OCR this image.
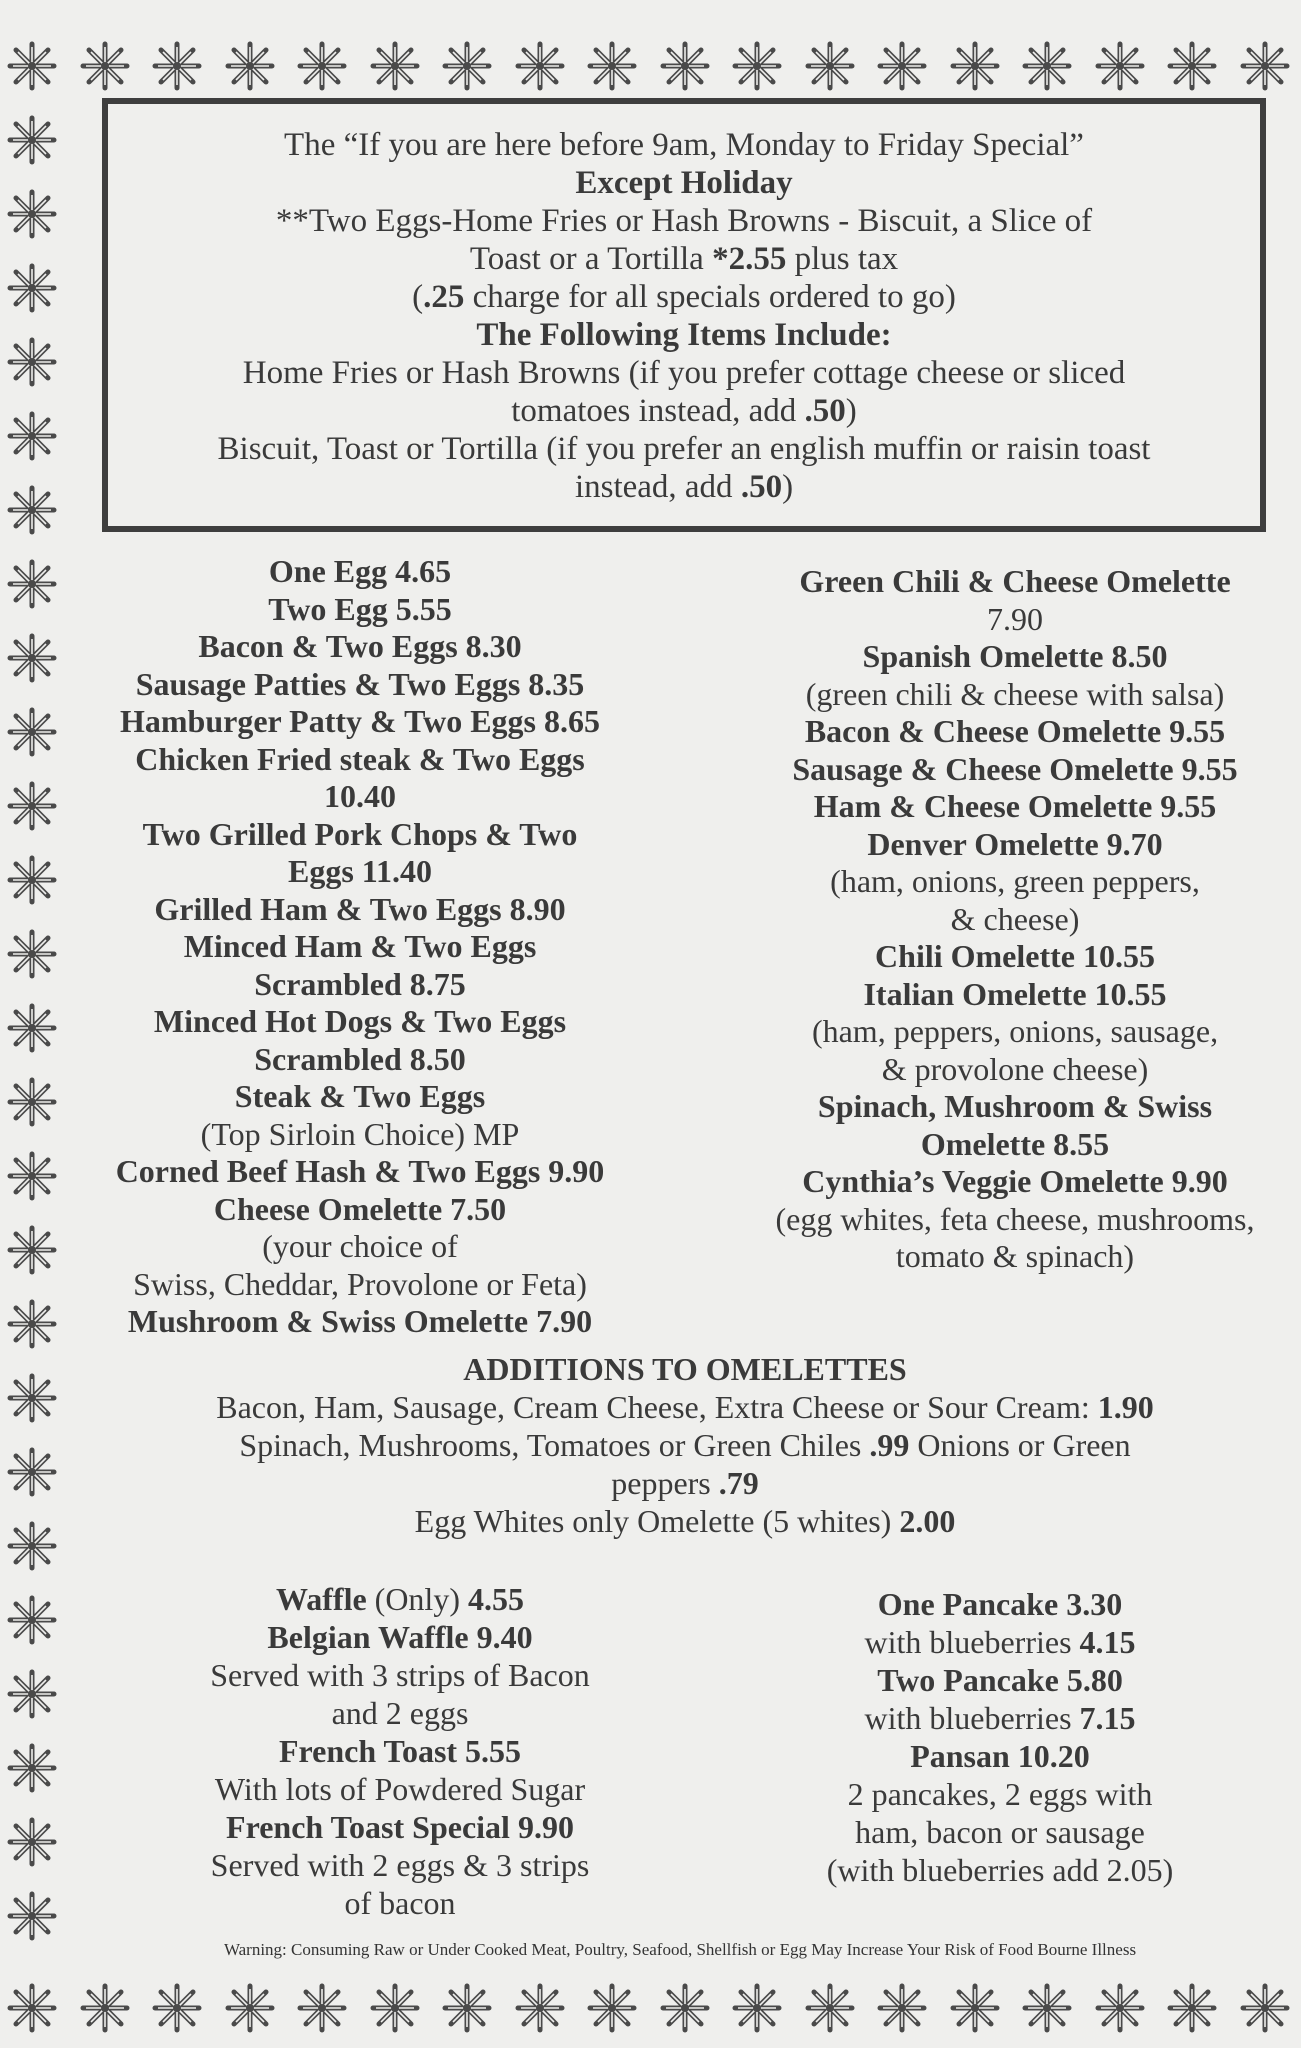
The “If you are here before 9am, Monday to Friday Special”
Except Holiday
**Two Eggs-Home Fries or Hash Browns - Biscuit, a Slice of
Toast or a Tortilla *2.55 plus tax
(.25 charge for all specials ordered to go)
The Following Items Include:
Home Fries or Hash Browns (if you prefer cottage cheese or sliced
tomatoes instead, add .50)
Biscuit, Toast or Tortilla (if you prefer an english muffin or raisin toast
instead, add .50)
One Egg 4.65
Two Egg 5.55
Bacon & Two Eggs 8.30
Sausage Patties & Two Eggs 8.35
Hamburger Patty & Two Eggs 8.65
Chicken Fried steak & Two Eggs
10.40
Two Grilled Pork Chops & Two
Eggs 11.40
Grilled Ham & Two Eggs 8.90
Minced Ham & Two Eggs
Scrambled 8.75
Minced Hot Dogs & Two Eggs
Scrambled 8.50
Steak & Two Eggs
(Top Sirloin Choice) MP
Corned Beef Hash & Two Eggs 9.90
Cheese Omelette 7.50
(your choice of
Swiss, Cheddar, Provolone or Feta)
Mushroom & Swiss Omelette 7.90
Green Chili & Cheese Omelette
7.90
Spanish Omelette 8.50
(green chili & cheese with salsa)
Bacon & Cheese Omelette 9.55
Sausage & Cheese Omelette 9.55
Ham & Cheese Omelette 9.55
Denver Omelette 9.70
(ham, onions, green peppers,
& cheese)
Chili Omelette 10.55
Italian Omelette 10.55
(ham, peppers, onions, sausage,
& provolone cheese)
Spinach, Mushroom & Swiss
Omelette 8.55
Cynthia’s Veggie Omelette 9.90
(egg whites, feta cheese, mushrooms,
tomato & spinach)
ADDITIONS TO OMELETTES
Bacon, Ham, Sausage, Cream Cheese, Extra Cheese or Sour Cream: 1.90
Spinach, Mushrooms, Tomatoes or Green Chiles .99 Onions or Green
peppers .79
Egg Whites only Omelette (5 whites) 2.00
Waffle (Only) 4.55
Belgian Waffle 9.40
Served with 3 strips of Bacon
and 2 eggs
French Toast 5.55
With lots of Powdered Sugar
French Toast Special 9.90
Served with 2 eggs & 3 strips
of bacon
One Pancake 3.30
with blueberries 4.15
Two Pancake 5.80
with blueberries 7.15
Pansan 10.20
2 pancakes, 2 eggs with
ham, bacon or sausage
(with blueberries add 2.05)
Warning: Consuming Raw or Under Cooked Meat, Poultry, Seafood, Shellfish or Egg May Increase Your Risk of Food Bourne Illness
